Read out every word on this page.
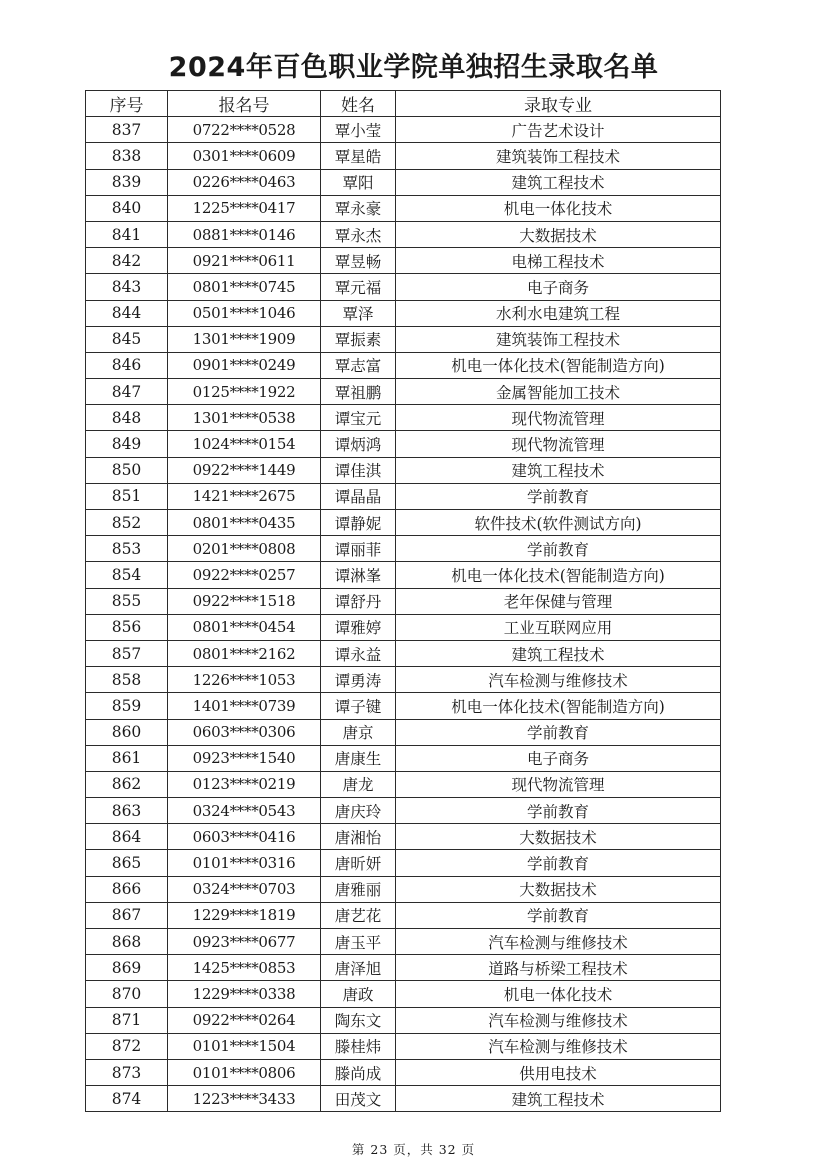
2024年百色职业学院单独招生录取名单
序号	报名号	姓名	录取专业
837	0722****0528	覃小莹	广告艺术设计
838	0301****0609	覃星皓	建筑装饰工程技术
839	0226****0463	覃阳	建筑工程技术
840	1225****0417	覃永豪	机电一体化技术
841	0881****0146	覃永杰	大数据技术
842	0921****0611	覃昱畅	电梯工程技术
843	0801****0745	覃元福	电子商务
844	0501****1046	覃泽	水利水电建筑工程
845	1301****1909	覃振素	建筑装饰工程技术
846	0901****0249	覃志富	机电一体化技术(智能制造方向)
847	0125****1922	覃祖鹏	金属智能加工技术
848	1301****0538	谭宝元	现代物流管理
849	1024****0154	谭炳鸿	现代物流管理
850	0922****1449	谭佳淇	建筑工程技术
851	1421****2675	谭晶晶	学前教育
852	0801****0435	谭静妮	软件技术(软件测试方向)
853	0201****0808	谭丽菲	学前教育
854	0922****0257	谭淋峯	机电一体化技术(智能制造方向)
855	0922****1518	谭舒丹	老年保健与管理
856	0801****0454	谭雅婷	工业互联网应用
857	0801****2162	谭永益	建筑工程技术
858	1226****1053	谭勇涛	汽车检测与维修技术
859	1401****0739	谭子键	机电一体化技术(智能制造方向)
860	0603****0306	唐京	学前教育
861	0923****1540	唐康生	电子商务
862	0123****0219	唐龙	现代物流管理
863	0324****0543	唐庆玲	学前教育
864	0603****0416	唐湘怡	大数据技术
865	0101****0316	唐昕妍	学前教育
866	0324****0703	唐雅丽	大数据技术
867	1229****1819	唐艺花	学前教育
868	0923****0677	唐玉平	汽车检测与维修技术
869	1425****0853	唐泽旭	道路与桥梁工程技术
870	1229****0338	唐政	机电一体化技术
871	0922****0264	陶东文	汽车检测与维修技术
872	0101****1504	滕桂炜	汽车检测与维修技术
873	0101****0806	滕尚成	供用电技术
874	1223****3433	田茂文	建筑工程技术
第 23 页，共 32 页
